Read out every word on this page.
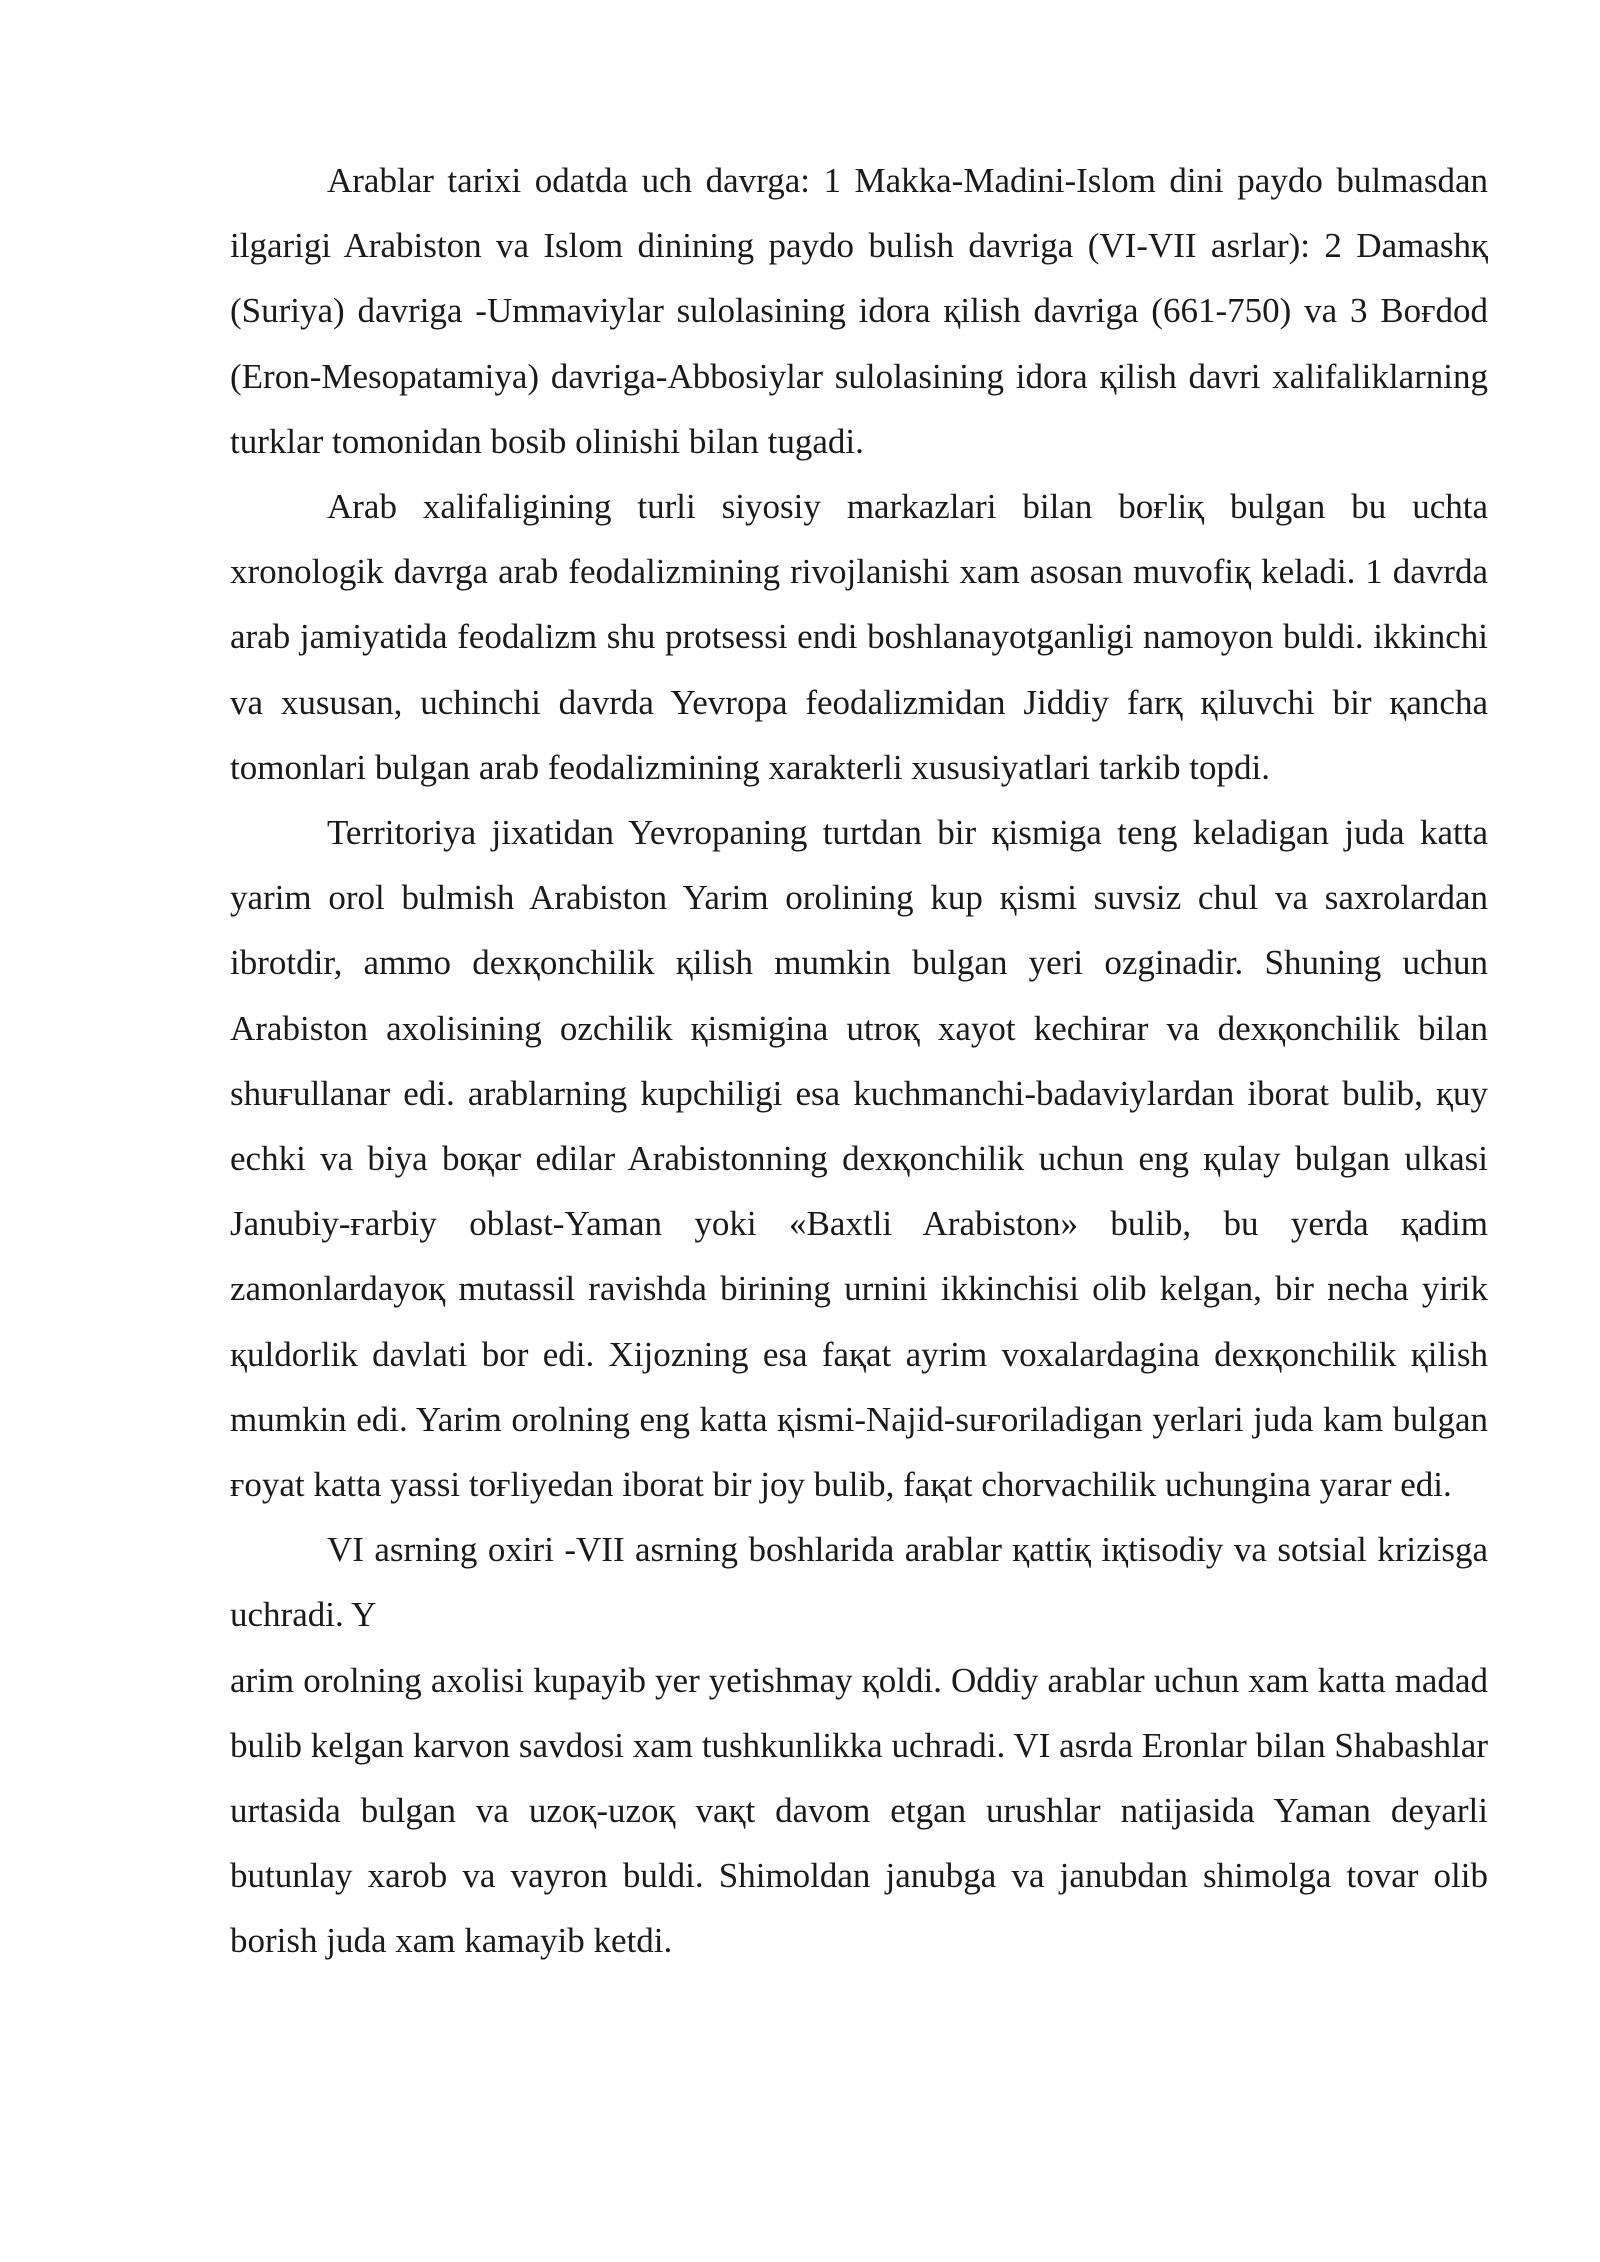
Arablar tarixi odatda uch davrga: 1 Makka-Madini-Islom dini paydo bulmasdan ilgarigi Arabiston va Islom dinining paydo bulish davriga (VI-VII asrlar): 2 Damashқ (Suriya) davriga -Ummaviylar sulolasining idora қilish davriga (661-750) va 3 Boғdod (Eron-Mesopatamiya) davriga-Abbosiylar sulolasining idora қilish davri xalifaliklarning turklar tomonidan bosib olinishi bilan tugadi.

Arab xalifaligining turli siyosiy markazlari bilan boғliқ bulgan bu uchta xronologik davrga arab feodalizmining rivojlanishi xam asosan muvofiқ keladi. 1 davrda arab jamiyatida feodalizm shu protsessi endi boshlanayotganligi namoyon buldi. ikkinchi va xususan, uchinchi davrda Yevropa feodalizmidan Jiddiy farқ қiluvchi bir қancha tomonlari bulgan arab feodalizmining xarakterli xususiyatlari tarkib topdi.

Territoriya jixatidan Yevropaning turtdan bir қismiga teng keladigan juda katta yarim orol bulmish Arabiston Yarim orolining kup қismi suvsiz chul va saxrolardan ibrotdir, ammo dexқonchilik қilish mumkin bulgan yeri ozginadir. Shuning uchun Arabiston axolisining ozchilik қismigina utroқ xayot kechirar va dexқonchilik bilan shuғullanar edi. arablarning kupchiligi esa kuchmanchi-badaviylardan iborat bulib, қuy echki va biya boқar edilar Arabistonning dexқonchilik uchun eng қulay bulgan ulkasi Janubiy-ғarbiy oblast-Yaman yoki «Baxtli Arabiston» bulib, bu yerda қadim zamonlardayoқ mutassil ravishda birining urnini ikkinchisi olib kelgan, bir necha yirik қuldorlik davlati bor edi. Xijozning esa faқat ayrim voxalardagina dexқonchilik қilish mumkin edi. Yarim orolning eng katta қismi-Najid-suғoriladigan yerlari juda kam bulgan ғoyat katta yassi toғliyedan iborat bir joy bulib, faқat chorvachilik uchungina yarar edi.

VI asrning oxiri -VII asrning boshlarida arablar қattiқ iқtisodiy va sotsial krizisga uchradi. Y

arim orolning axolisi kupayib yer yetishmay қoldi. Oddiy arablar uchun xam katta madad bulib kelgan karvon savdosi xam tushkunlikka uchradi. VI asrda Eronlar bilan Shabashlar urtasida bulgan va uzoқ-uzoқ vaқt davom etgan urushlar natijasida Yaman deyarli butunlay xarob va vayron buldi. Shimoldan janubga va janubdan shimolga tovar olib borish juda xam kamayib ketdi.
